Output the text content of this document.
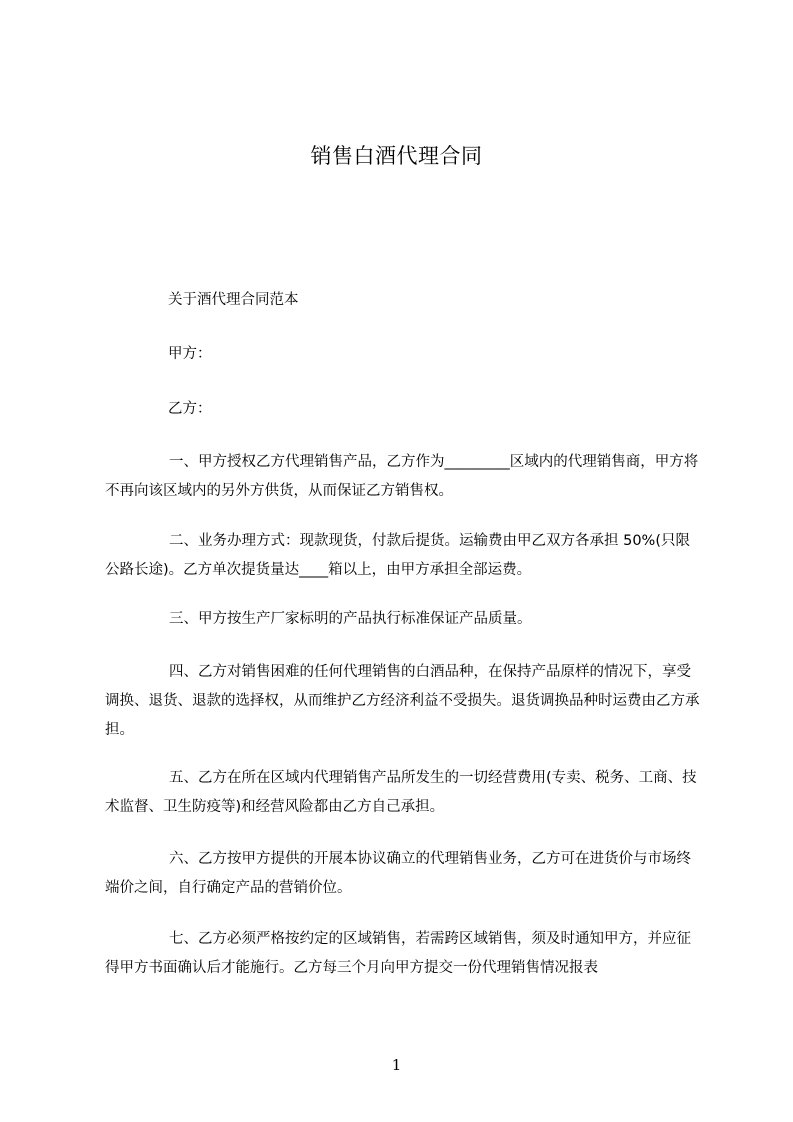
销售白酒代理合同
关于酒代理合同范本
甲方：
乙方：
一、甲方授权乙方代理销售产品，乙方作为_________区域内的代理销售商，甲方将不再向该区域内的另外方供货，从而保证乙方销售权。
二、业务办理方式：现款现货，付款后提货。运输费由甲乙双方各承担 50%(只限公路长途)。乙方单次提货量达____箱以上，由甲方承担全部运费。
三、甲方按生产厂家标明的产品执行标准保证产品质量。
四、乙方对销售困难的任何代理销售的白酒品种，在保持产品原样的情况下，享受调换、退货、退款的选择权，从而维护乙方经济利益不受损失。退货调换品种时运费由乙方承担。
五、乙方在所在区域内代理销售产品所发生的一切经营费用(专卖、税务、工商、技术监督、卫生防疫等)和经营风险都由乙方自己承担。
六、乙方按甲方提供的开展本协议确立的代理销售业务，乙方可在进货价与市场终端价之间，自行确定产品的营销价位。
七、乙方必须严格按约定的区域销售，若需跨区域销售，须及时通知甲方，并应征得甲方书面确认后才能施行。乙方每三个月向甲方提交一份代理销售情况报表
1
